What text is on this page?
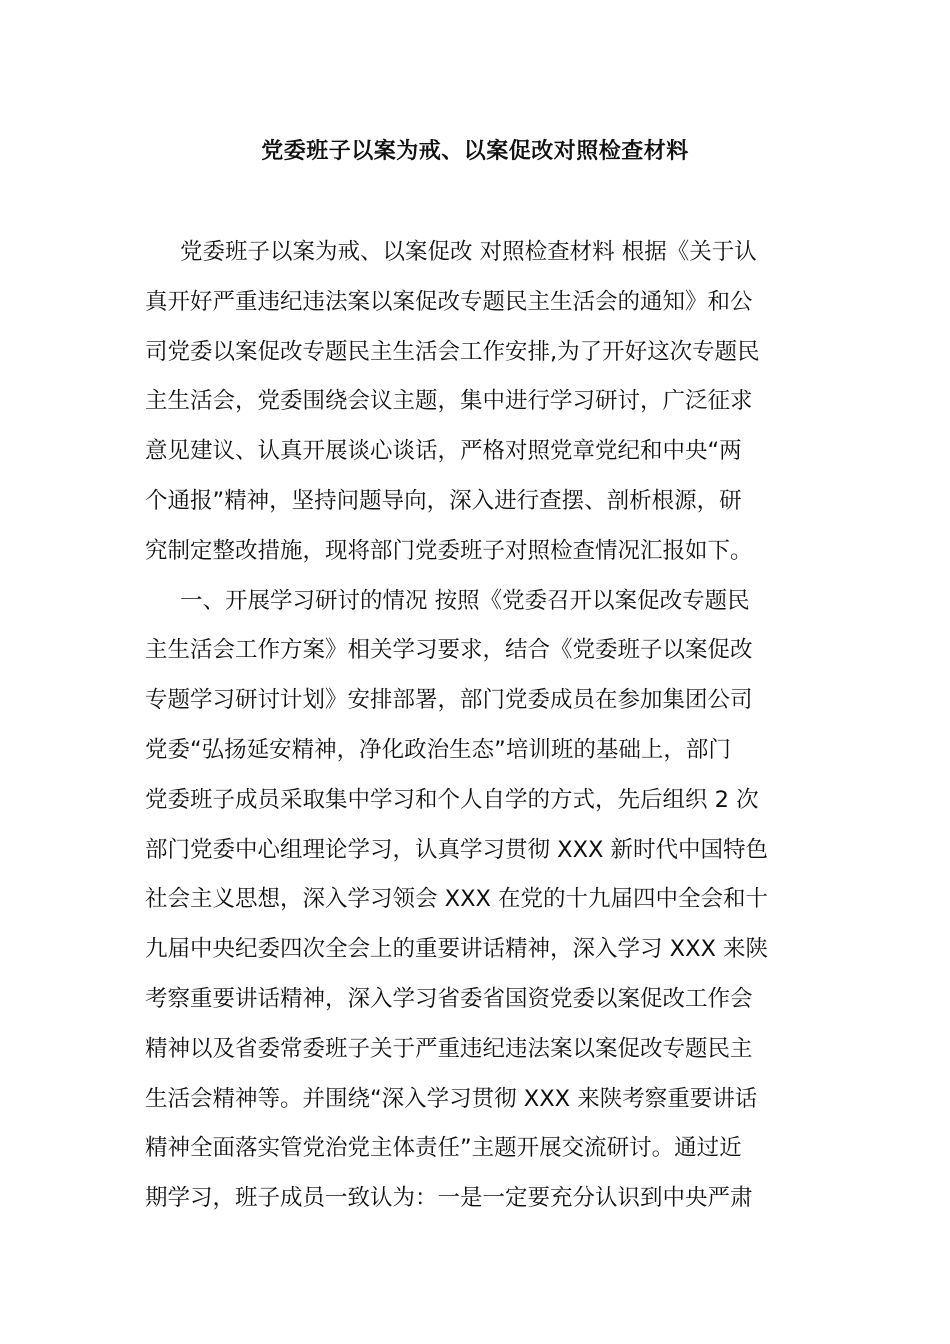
党委班子以案为戒、以案促改对照检查材料
党委班子以案为戒、以案促改 对照检查材料 根据《关于认
真开好严重违纪违法案以案促改专题民主生活会的通知》和公
司党委以案促改专题民主生活会工作安排,为了开好这次专题民
主生活会，党委围绕会议主题，集中进行学习研讨，广泛征求
意见建议、认真开展谈心谈话，严格对照党章党纪和中央“两
个通报”精神，坚持问题导向，深入进行查摆、剖析根源，研
究制定整改措施，现将部门党委班子对照检查情况汇报如下。
一、开展学习研讨的情况 按照《党委召开以案促改专题民
主生活会工作方案》相关学习要求，结合《党委班子以案促改
专题学习研讨计划》安排部署，部门党委成员在参加集团公司
党委“弘扬延安精神，净化政治生态”培训班的基础上，部门
党委班子成员采取集中学习和个人自学的方式，先后组织 2 次
部门党委中心组理论学习，认真学习贯彻 XXX 新时代中国特色
社会主义思想，深入学习领会 XXX 在党的十九届四中全会和十
九届中央纪委四次全会上的重要讲话精神，深入学习 XXX 来陕
考察重要讲话精神，深入学习省委省国资党委以案促改工作会
精神以及省委常委班子关于严重违纪违法案以案促改专题民主
生活会精神等。并围绕“深入学习贯彻 XXX 来陕考察重要讲话
精神全面落实管党治党主体责任”主题开展交流研讨。通过近
期学习，班子成员一致认为：一是一定要充分认识到中央严肃
